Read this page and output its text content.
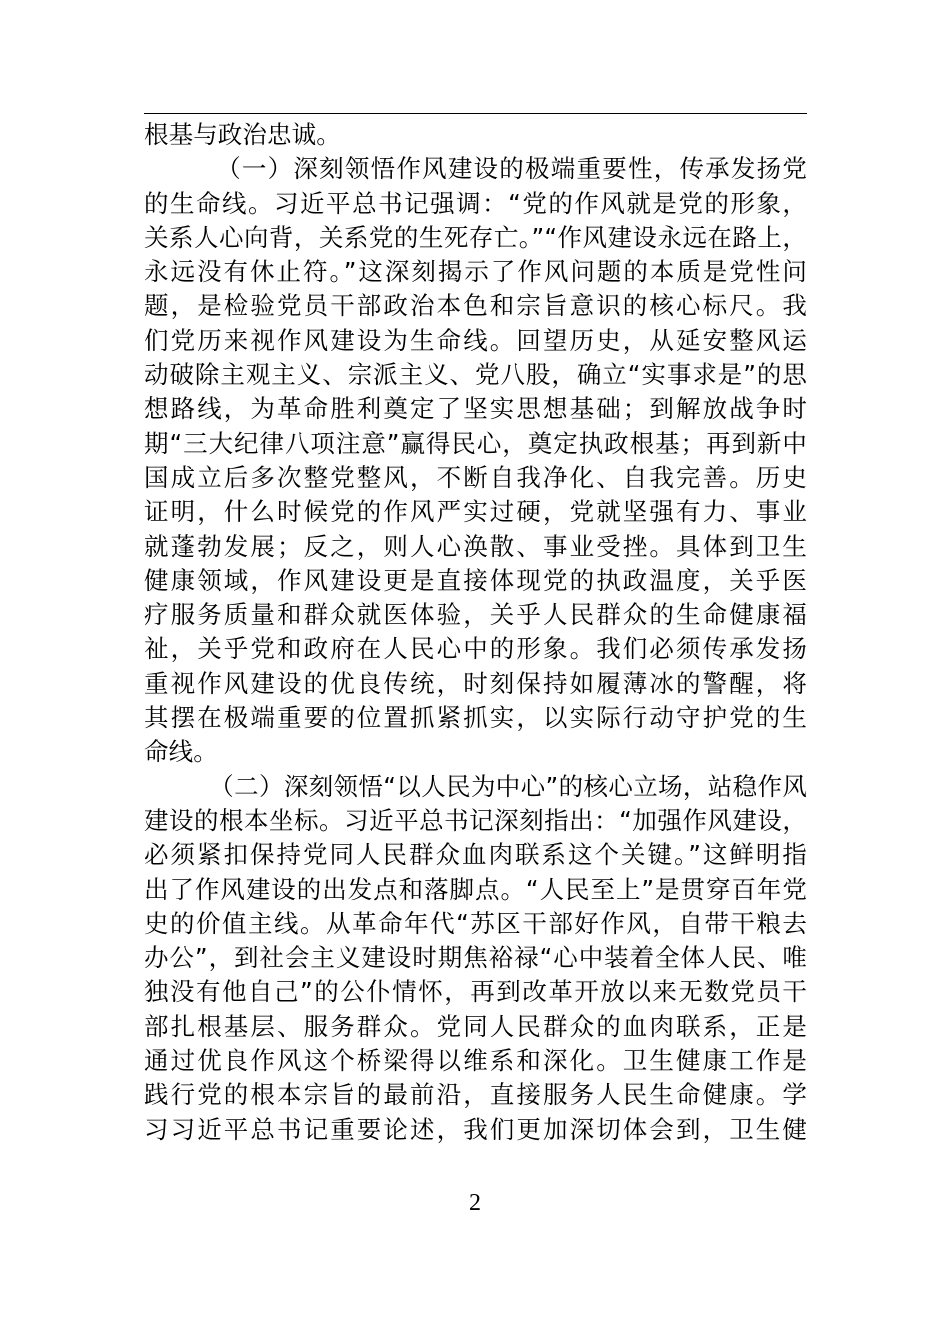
根基与政治忠诚。
（一）深刻领悟作风建设的极端重要性，传承发扬党
的生命线。习近平总书记强调：“党的作风就是党的形象，
关系人心向背，关系党的生死存亡。”“作风建设永远在路上，
永远没有休止符。”这深刻揭示了作风问题的本质是党性问
题，是检验党员干部政治本色和宗旨意识的核心标尺。我
们党历来视作风建设为生命线。回望历史，从延安整风运
动破除主观主义、宗派主义、党八股，确立“实事求是”的思
想路线，为革命胜利奠定了坚实思想基础；到解放战争时
期“三大纪律八项注意”赢得民心，奠定执政根基；再到新中
国成立后多次整党整风，不断自我净化、自我完善。历史
证明，什么时候党的作风严实过硬，党就坚强有力、事业
就蓬勃发展；反之，则人心涣散、事业受挫。具体到卫生
健康领域，作风建设更是直接体现党的执政温度，关乎医
疗服务质量和群众就医体验，关乎人民群众的生命健康福
祉，关乎党和政府在人民心中的形象。我们必须传承发扬
重视作风建设的优良传统，时刻保持如履薄冰的警醒，将
其摆在极端重要的位置抓紧抓实，以实际行动守护党的生
命线。
（二）深刻领悟“以人民为中心”的核心立场，站稳作风
建设的根本坐标。习近平总书记深刻指出：“加强作风建设，
必须紧扣保持党同人民群众血肉联系这个关键。”这鲜明指
出了作风建设的出发点和落脚点。“人民至上”是贯穿百年党
史的价值主线。从革命年代“苏区干部好作风，自带干粮去
办公”，到社会主义建设时期焦裕禄“心中装着全体人民、唯
独没有他自己”的公仆情怀，再到改革开放以来无数党员干
部扎根基层、服务群众。党同人民群众的血肉联系，正是
通过优良作风这个桥梁得以维系和深化。卫生健康工作是
践行党的根本宗旨的最前沿，直接服务人民生命健康。学
习习近平总书记重要论述，我们更加深切体会到，卫生健
2
